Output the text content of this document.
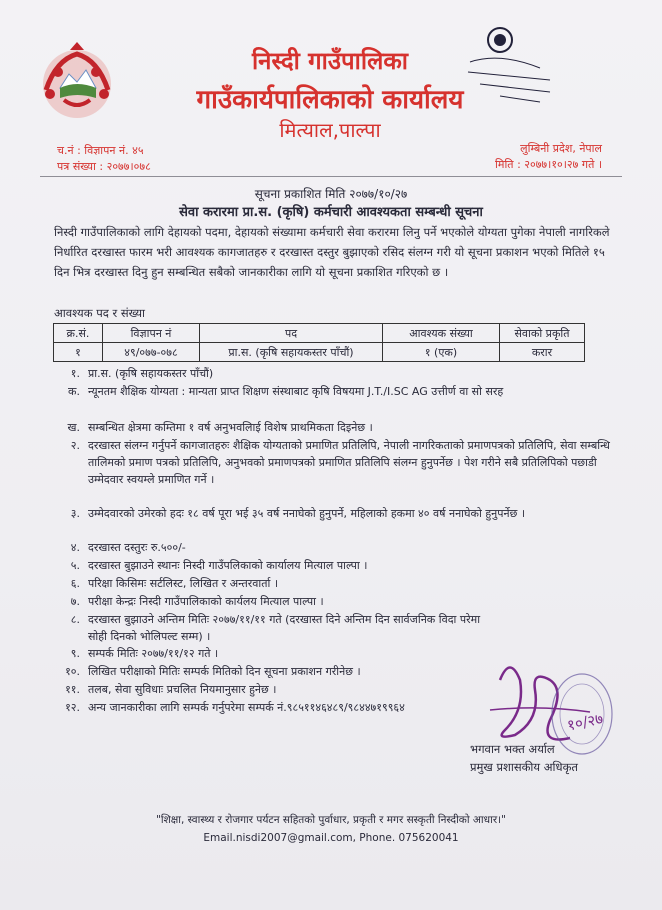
निस्दी गाउँपालिका
गाउँकार्यपालिकाको कार्यालय
मित्याल,पाल्पा
च.नं : विज्ञापन नं. ४५
पत्र संख्या : २०७७।०७८
लुम्बिनी प्रदेश, नेपाल
मिति : २०७७।१०।२७ गते ।
सूचना प्रकाशित मिति २०७७/१०/२७
सेवा करारमा प्रा.स. (कृषि) कर्मचारी आवश्यकता सम्बन्धी सूचना
निस्दी गाउँपालिकाको लागि देहायको पदमा, देहायको संख्यामा कर्मचारी सेवा करारमा लिनु पर्ने भएकोले योग्यता पुगेका नेपाली नागरिकले निर्धारित दरखास्त फारम भरी आवश्यक कागजातहरु र दरखास्त दस्तुर बुझाएको रसिद संलग्न गरी यो सूचना प्रकाशन भएको मितिले १५ दिन भित्र दरखास्त दिनु हुन सम्बन्धित सबैको जानकारीका लागि यो सूचना प्रकाशित गरिएको छ ।
आवश्यक पद र संख्या
क्र.सं.	विज्ञापन नं	पद	आवश्यक संख्या	सेवाको प्रकृति
१	४९/०७७-०७८	प्रा.स. (कृषि सहायकस्तर पाँचौं)	१ (एक)	करार
१. प्रा.स. (कृषि सहायकस्तर पाँचौं)
क. न्यूनतम शैक्षिक योग्यता : मान्यता प्राप्त शिक्षण संस्थाबाट कृषि विषयमा J.T./I.SC AG उत्तीर्ण वा सो सरह
ख. सम्बन्धित क्षेत्रमा कम्तिमा १ वर्ष अनुभवलिाई विशेष प्राथमिकता दिइनेछ ।
२. दरखास्त संलग्न गर्नुपर्ने कागजातहरुः शैक्षिक योग्यताको प्रमाणित प्रतिलिपि, नेपाली नागरिकताको प्रमाणपत्रको प्रतिलिपि, सेवा सम्बन्धि तालिमको प्रमाण पत्रको प्रतिलिपि, अनुभवको प्रमाणपत्रको प्रमाणित प्रतिलिपि संलग्न हुनुपर्नेछ । पेश गरीने सबै प्रतिलिपिको पछाडी उम्मेदवार स्वयम्ले प्रमाणित गर्ने ।
३. उम्मेदवारको उमेरको हदः १८ वर्ष पूरा भई ३५ वर्ष ननाघेको हुनुपर्ने, महिलाको हकमा ४० वर्ष ननाघेको हुनुपर्नेछ ।
४. दरखास्त दस्तुरः रु.५००/-
५. दरखास्त बुझाउने स्थानः निस्दी गाउँपलिकाको कार्यालय मित्याल पाल्पा ।
६. परिक्षा किसिमः सर्टलिस्ट, लिखित र अन्तरवार्ता ।
७. परीक्षा केन्द्रः निस्दी गाउँपालिकाको कार्यलय मित्याल पाल्पा ।
८. दरखास्त बुझाउने अन्तिम मितिः २०७७/११/११ गते (दरखास्त दिने अन्तिम दिन सार्वजनिक विदा परेमा सोही दिनको भोलिपल्ट सम्म) ।
९. सम्पर्क मितिः २०७७/११/१२ गते ।
१०. लिखित परीक्षाको मितिः सम्पर्क मितिको दिन सूचना प्रकाशन गरीनेछ ।
११. तलब, सेवा सुविधाः प्रचलित नियमानुसार हुनेछ ।
१२. अन्य जानकारीका लागि सम्पर्क गर्नुपरेमा सम्पर्क नं.९८५११४६४८९/९८४४७१९९६४
१०/२७
भगवान भक्त अर्याल
प्रमुख प्रशासकीय अधिकृत
"शिक्षा, स्वास्थ्य र रोजगार पर्यटन सहितको पुर्वाधार, प्रकृती र मगर सस्कृती निस्दीको आधार।"
Email.nisdi2007@gmail.com, Phone. 075620041
